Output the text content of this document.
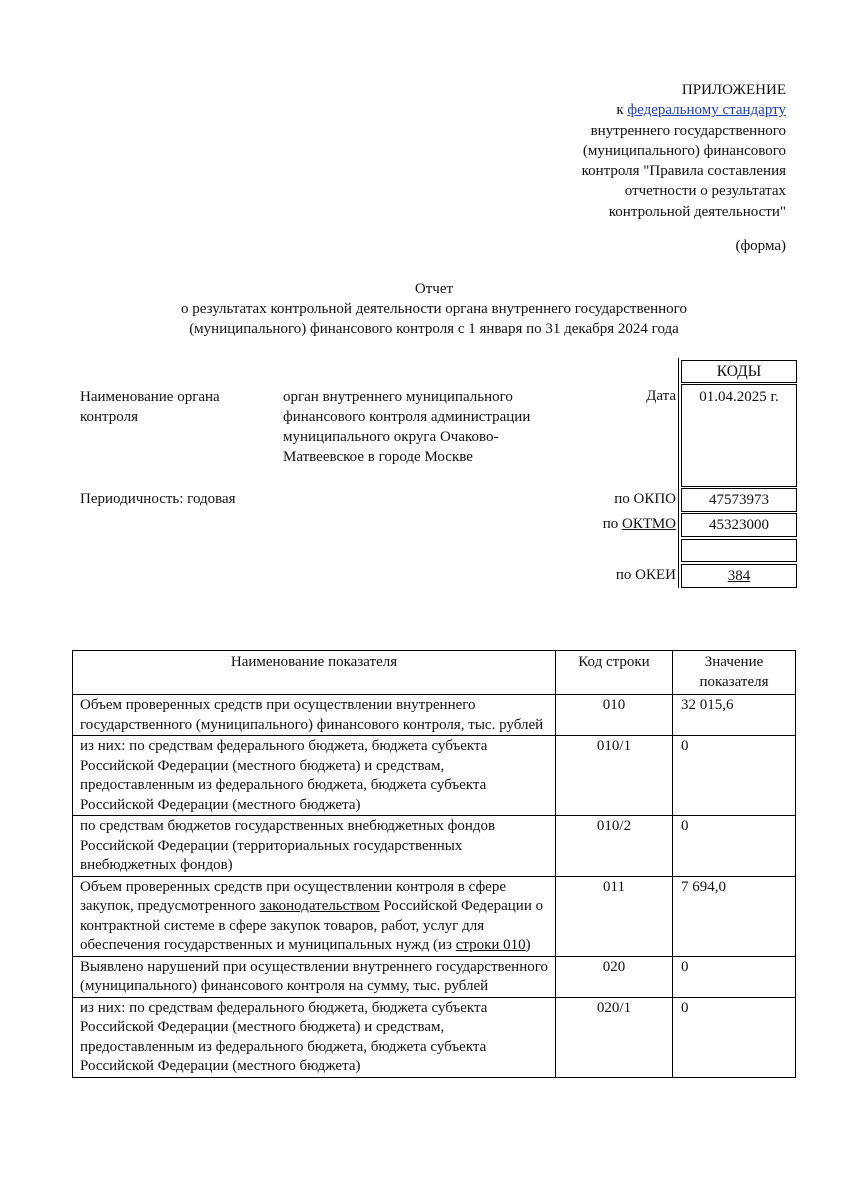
ПРИЛОЖЕНИЕ
к федеральному стандарту
внутреннего государственного
(муниципального) финансового
контроля "Правила составления
отчетности о результатах
контрольной деятельности"
(форма)
Отчет
о результатах контрольной деятельности органа внутреннего государственного
(муниципального) финансового контроля с 1 января по 31 декабря 2024 года
КОДЫ
Наименование органа контроля
орган внутреннего муниципального финансового контроля администрации муниципального округа Очаково-Матвеевское в городе Москве
Дата	01.04.2025 г.
Периодичность: годовая	по ОКПО	47573973
по ОКТМО	45323000
по ОКЕИ	384
Наименование показателя	Код строки	Значение показателя
Объем проверенных средств при осуществлении внутреннего государственного (муниципального) финансового контроля, тыс. рублей	010	32 015,6
из них: по средствам федерального бюджета, бюджета субъекта Российской Федерации (местного бюджета) и средствам, предоставленным из федерального бюджета, бюджета субъекта Российской Федерации (местного бюджета)	010/1	0
по средствам бюджетов государственных внебюджетных фондов Российской Федерации (территориальных государственных внебюджетных фондов)	010/2	0
Объем проверенных средств при осуществлении контроля в сфере закупок, предусмотренного законодательством Российской Федерации о контрактной системе в сфере закупок товаров, работ, услуг для обеспечения государственных и муниципальных нужд (из строки 010)	011	7 694,0
Выявлено нарушений при осуществлении внутреннего государственного (муниципального) финансового контроля на сумму, тыс. рублей	020	0
из них: по средствам федерального бюджета, бюджета субъекта Российской Федерации (местного бюджета) и средствам, предоставленным из федерального бюджета, бюджета субъекта Российской Федерации (местного бюджета)	020/1	0
